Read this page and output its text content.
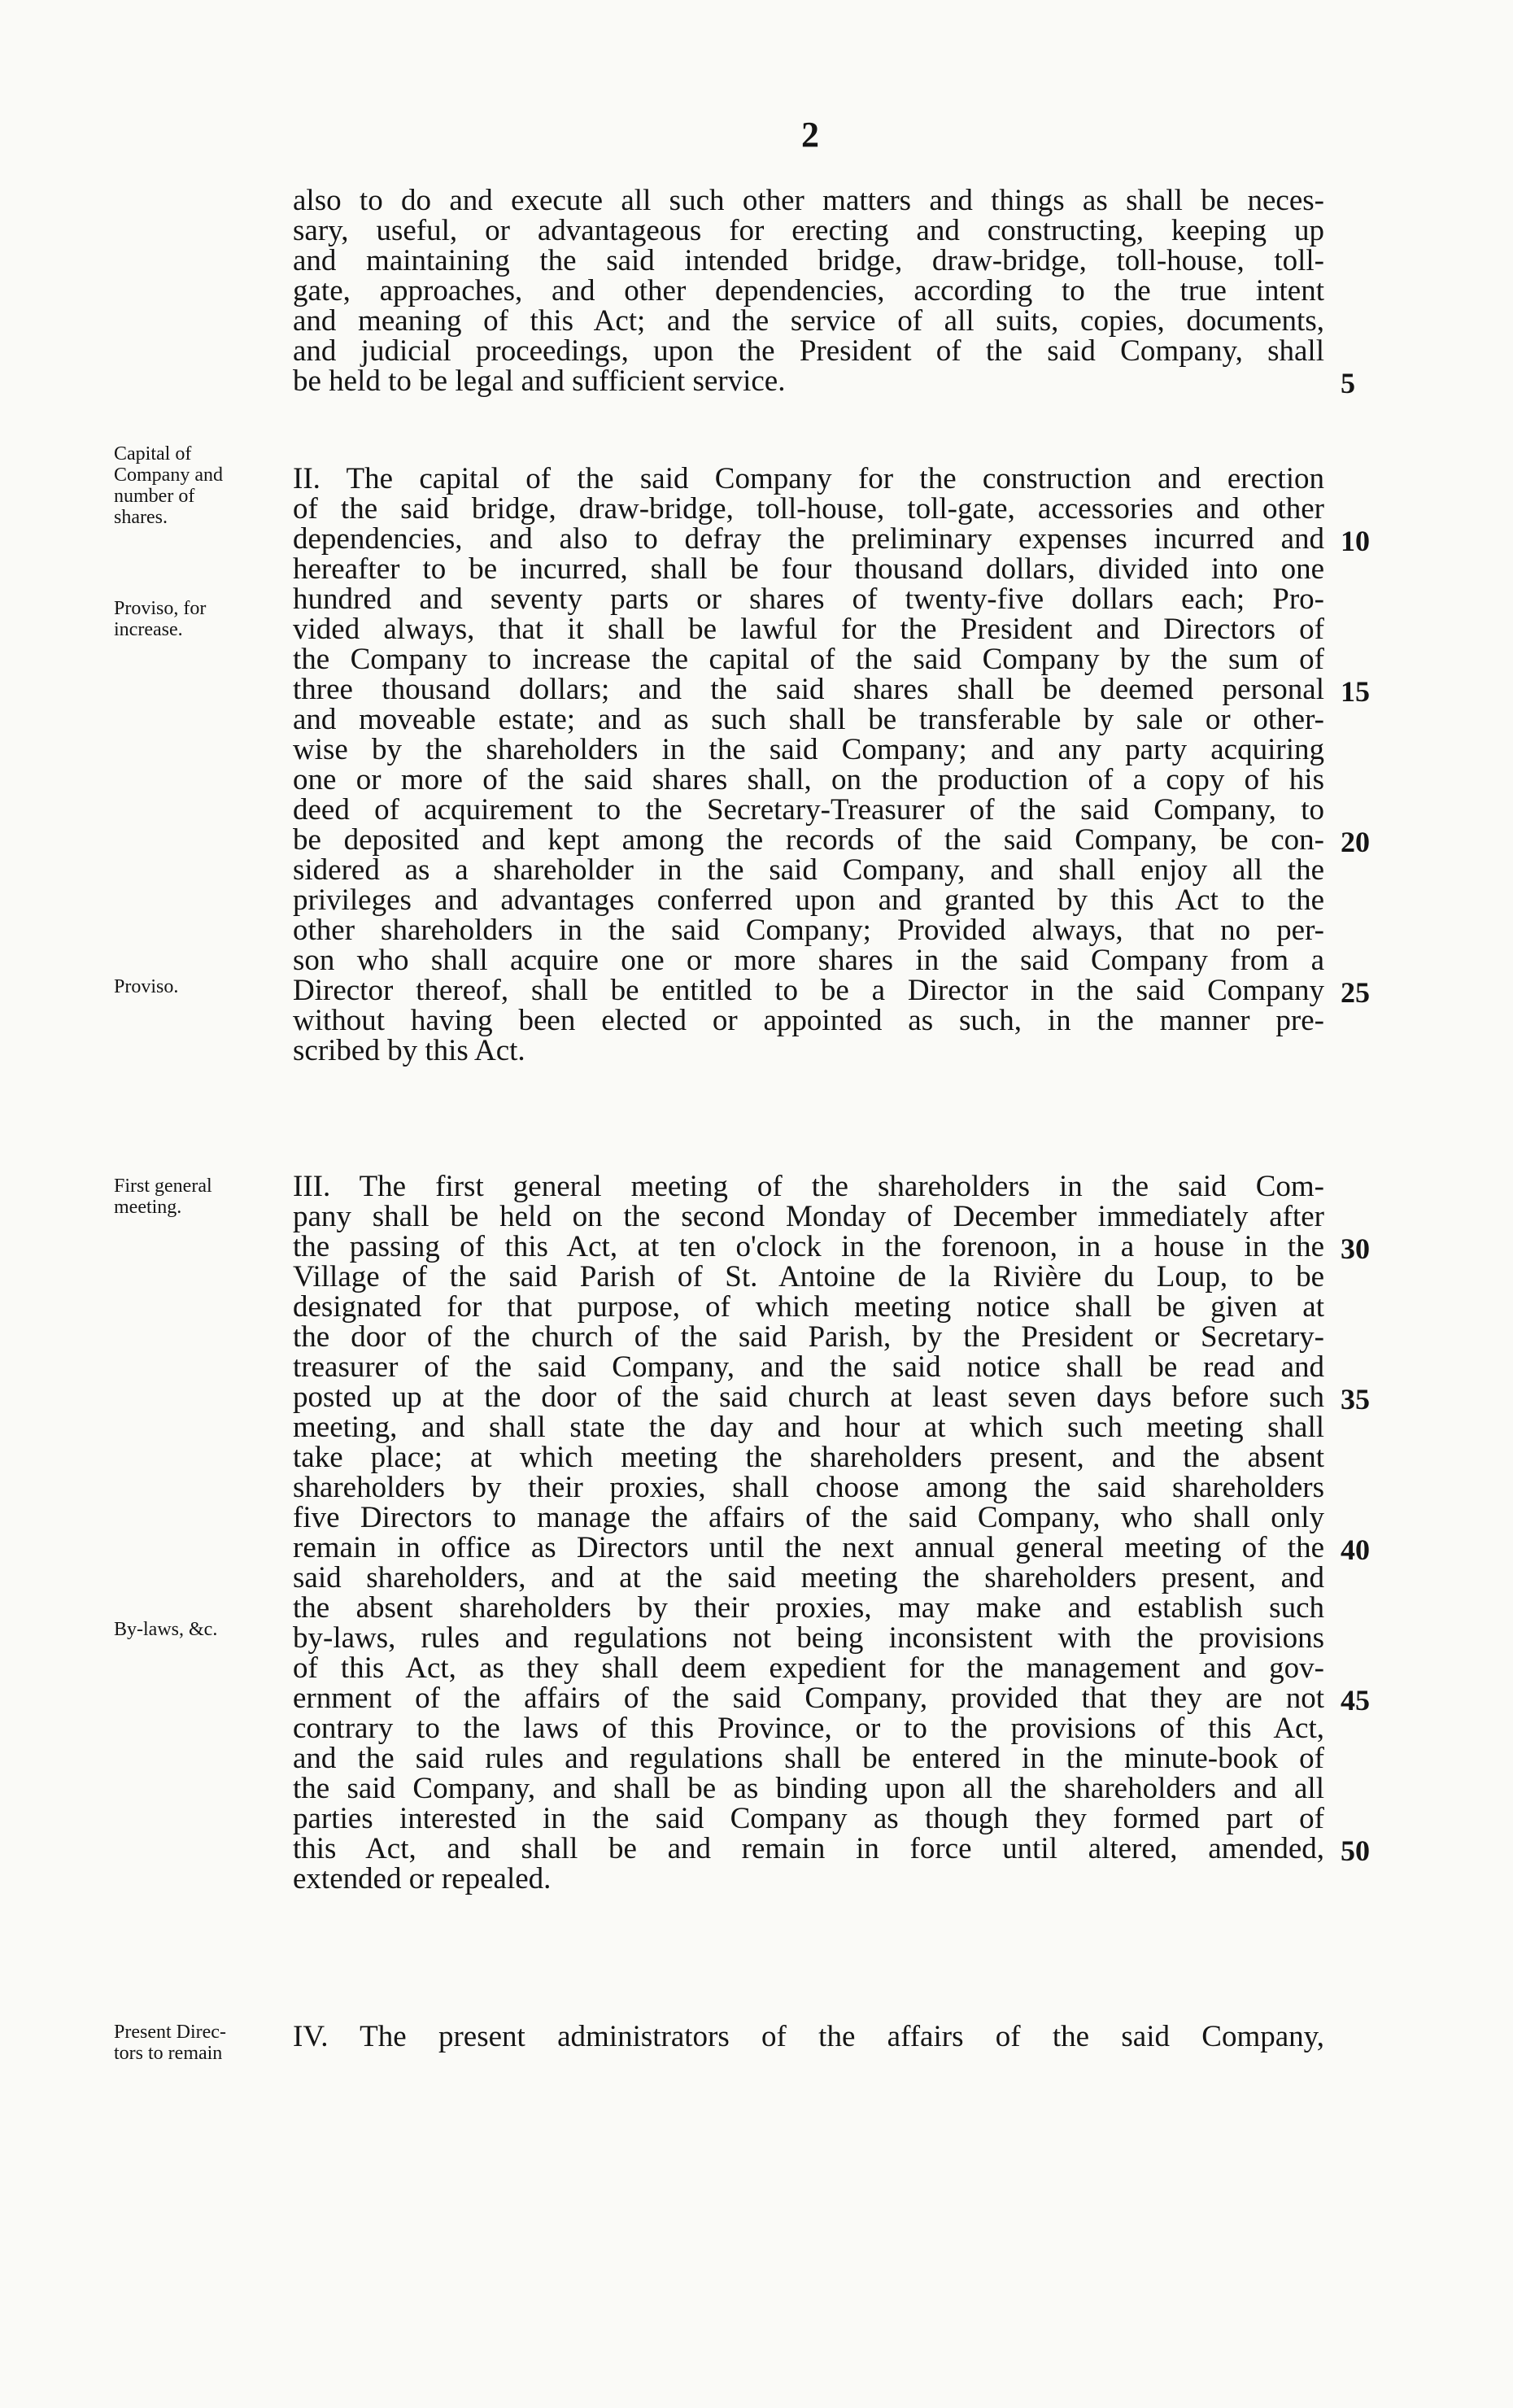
2
also to do and execute all such other matters and things as shall be neces-
sary, useful, or advantageous for erecting and constructing, keeping up
and maintaining the said intended bridge, draw-bridge, toll-house, toll-
gate, approaches, and other dependencies, according to the true intent
and meaning of this Act; and the service of all suits, copies, documents,
and judicial proceedings, upon the President of the said Company, shall
be held to be legal and sufficient service.
II. The capital of the said Company for the construction and erection
of the said bridge, draw-bridge, toll-house, toll-gate, accessories and other
dependencies, and also to defray the preliminary expenses incurred and
hereafter to be incurred, shall be four thousand dollars, divided into one
hundred and seventy parts or shares of twenty-five dollars each; Pro-
vided always, that it shall be lawful for the President and Directors of
the Company to increase the capital of the said Company by the sum of
three thousand dollars; and the said shares shall be deemed personal
and moveable estate; and as such shall be transferable by sale or other-
wise by the shareholders in the said Company; and any party acquiring
one or more of the said shares shall, on the production of a copy of his
deed of acquirement to the Secretary-Treasurer of the said Company, to
be deposited and kept among the records of the said Company, be con-
sidered as a shareholder in the said Company, and shall enjoy all the
privileges and advantages conferred upon and granted by this Act to the
other shareholders in the said Company; Provided always, that no per-
son who shall acquire one or more shares in the said Company from a
Director thereof, shall be entitled to be a Director in the said Company
without having been elected or appointed as such, in the manner pre-
scribed by this Act.
III. The first general meeting of the shareholders in the said Com-
pany shall be held on the second Monday of December immediately after
the passing of this Act, at ten o'clock in the forenoon, in a house in the
Village of the said Parish of St. Antoine de la Rivière du Loup, to be
designated for that purpose, of which meeting notice shall be given at
the door of the church of the said Parish, by the President or Secretary-
treasurer of the said Company, and the said notice shall be read and
posted up at the door of the said church at least seven days before such
meeting, and shall state the day and hour at which such meeting shall
take place; at which meeting the shareholders present, and the absent
shareholders by their proxies, shall choose among the said shareholders
five Directors to manage the affairs of the said Company, who shall only
remain in office as Directors until the next annual general meeting of the
said shareholders, and at the said meeting the shareholders present, and
the absent shareholders by their proxies, may make and establish such
by-laws, rules and regulations not being inconsistent with the provisions
of this Act, as they shall deem expedient for the management and gov-
ernment of the affairs of the said Company, provided that they are not
contrary to the laws of this Province, or to the provisions of this Act,
and the said rules and regulations shall be entered in the minute-book of
the said Company, and shall be as binding upon all the shareholders and all
parties interested in the said Company as though they formed part of
this Act, and shall be and remain in force until altered, amended,
extended or repealed.
IV. The present administrators of the affairs of the said Company,
5
10
15
20
25
30
35
40
45
50
Capital of
Company and
number of
shares.
Proviso, for
increase.
Proviso.
First general
meeting.
By-laws, &c.
Present Direc-
tors to remain
